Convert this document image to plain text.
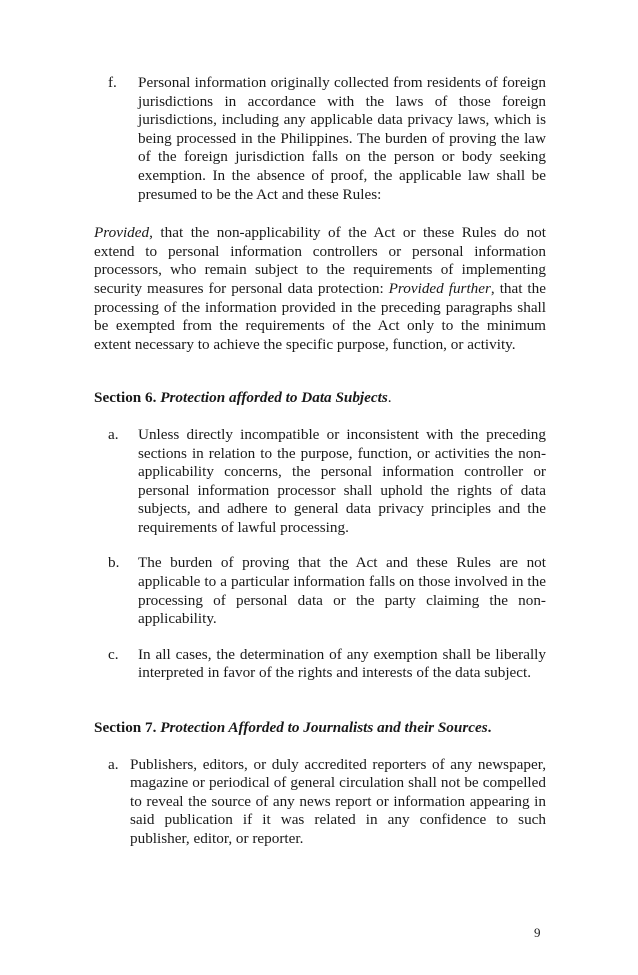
f.	Personal information originally collected from residents of foreign jurisdictions in accordance with the laws of those foreign jurisdictions, including any applicable data privacy laws, which is being processed in the Philippines. The burden of proving the law of the foreign jurisdiction falls on the person or body seeking exemption. In the absence of proof, the applicable law shall be presumed to be the Act and these Rules:

Provided, that the non-applicability of the Act or these Rules do not extend to personal information controllers or personal information processors, who remain subject to the requirements of implementing security measures for personal data protection: Provided further, that the processing of the information provided in the preceding paragraphs shall be exempted from the requirements of the Act only to the minimum extent necessary to achieve the specific purpose, function, or activity.

Section 6. Protection afforded to Data Subjects.

a.	Unless directly incompatible or inconsistent with the preceding sections in relation to the purpose, function, or activities the non-applicability concerns, the personal information controller or personal information processor shall uphold the rights of data subjects, and adhere to general data privacy principles and the requirements of lawful processing.
b.	The burden of proving that the Act and these Rules are not applicable to a particular information falls on those involved in the processing of personal data or the party claiming the non-applicability.
c.	In all cases, the determination of any exemption shall be liberally interpreted in favor of the rights and interests of the data subject.

Section 7. Protection Afforded to Journalists and their Sources.

a. Publishers, editors, or duly accredited reporters of any newspaper, magazine or periodical of general circulation shall not be compelled to reveal the source of any news report or information appearing in said publication if it was related in any confidence to such publisher, editor, or reporter.
9
